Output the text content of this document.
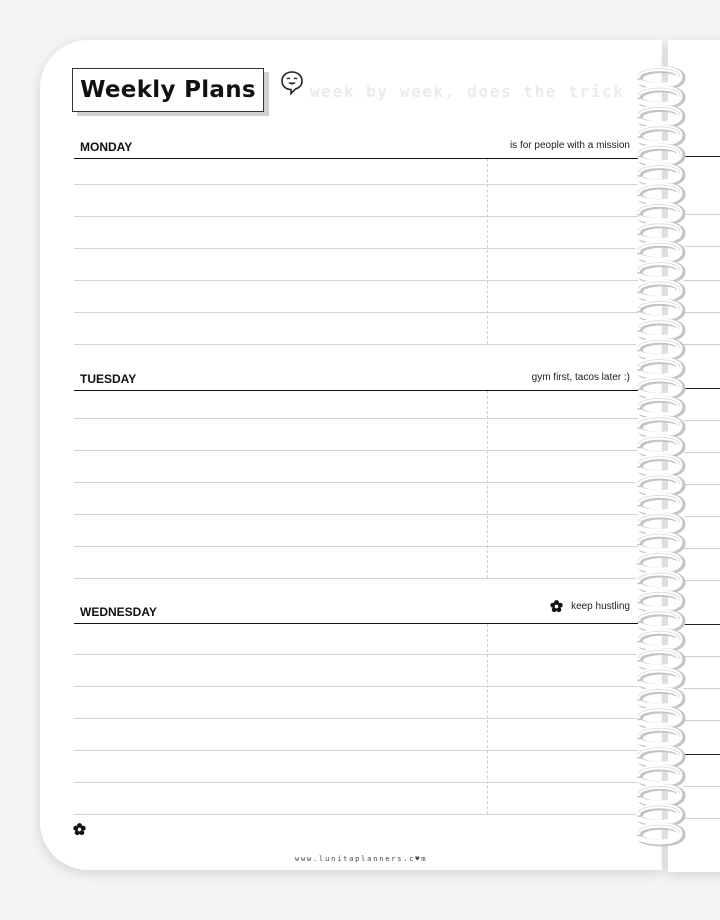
Weekly Plans	week by week, does the trick
MONDAY	is for people with a mission
TUESDAY	gym first, tacos later :)
WEDNESDAY	keep hustling
www.lunitaplanners.c♥m
